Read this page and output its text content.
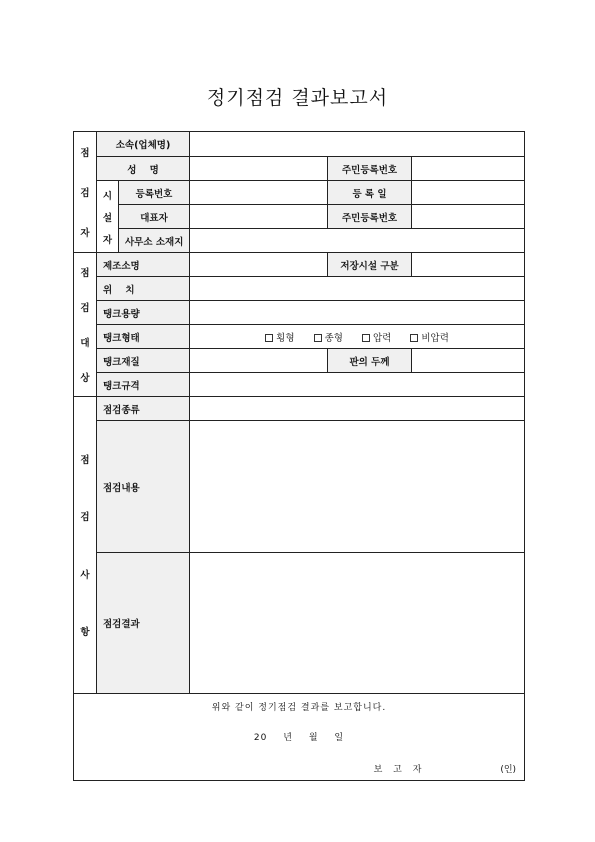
정기점검 결과보고서
점
검
자	소속(업체명)				
	성    명			주민등록번호	

	시
설
자	등록번호		등 록 일	
		대표자		주민등록번호	
		사무소 소재지			

점
검
대
상	제조소명			저장시설 구분	
	위    치				
	탱크용량				
	탱크형태		횡형 종형 압력 비압력		
	탱크재질			판의 두께	
	탱크규격				

점
검
사
항	점검종류				
	점검내용				
	점검결과				

위와 같이 정기점검 결과를 보고합니다.
20 년 월 일
보 고 자 (인)					
